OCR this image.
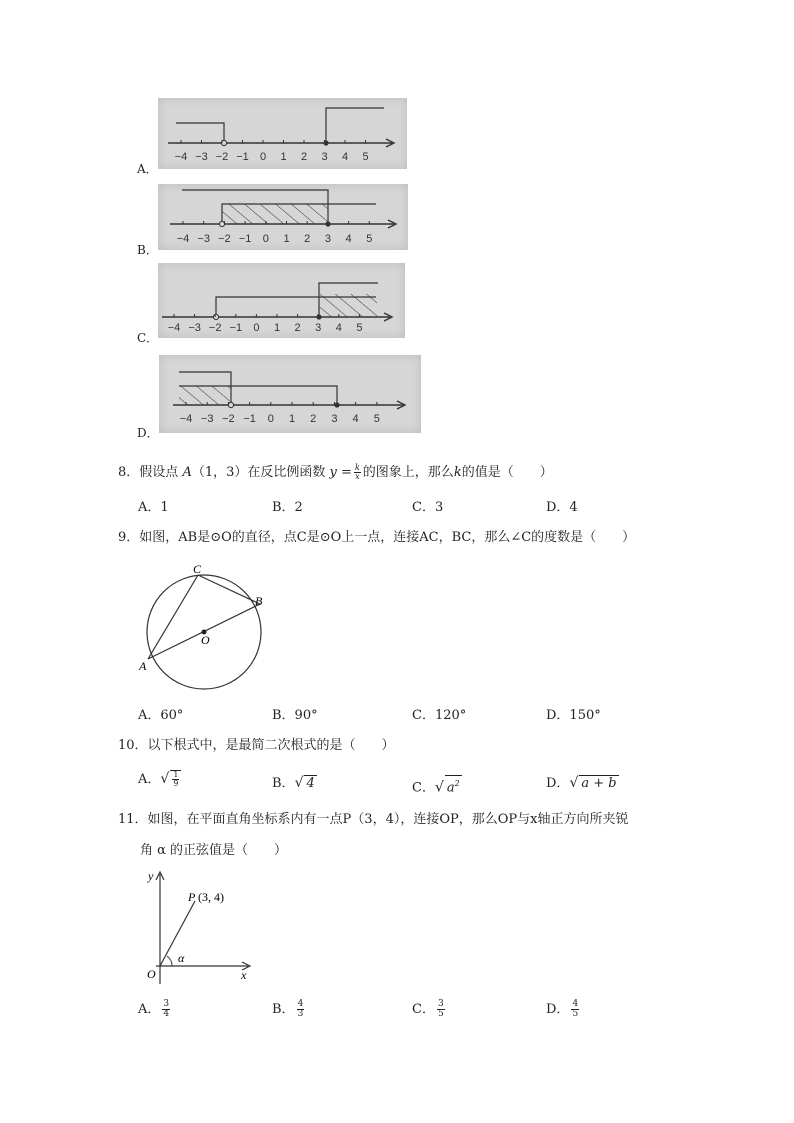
A．
−4 −3 −2 −1 0 1 2 3 4 5
B．
−4 −3 −2 −1 0 1 2 3 4 5
C．
−4 −3 −2 −1 0 1 2 3 4 5
D．
−4 −3 −2 −1 0 1 2 3 4 5
8．假设点 A（1，3）在反比例函数 $y = \frac{k}{x}$ 的图象上，那么k的值是（　　）
A．1	B．2	C．3	D．4
9．如图，AB是⊙O的直径，点C是⊙O上一点，连接AC，BC，那么∠C的度数是（　　）
C
B
O
A
A．60°	B．90°	C．120°	D．150°
10．以下根式中，是最简二次根式的是（　　）
A．√ $\frac{1}{9}$	B．√ 4	C．√ $a^2$	D．√ a + b
11．如图，在平面直角坐标系内有一点P（3，4），连接OP，那么OP与x轴正方向所夹锐
角 α 的正弦值是（　　）
y
P (3, 4)
α
O	x
A． $\frac{3}{4}$	B． $\frac{4}{3}$	C． $\frac{3}{5}$	D． $\frac{4}{5}$
